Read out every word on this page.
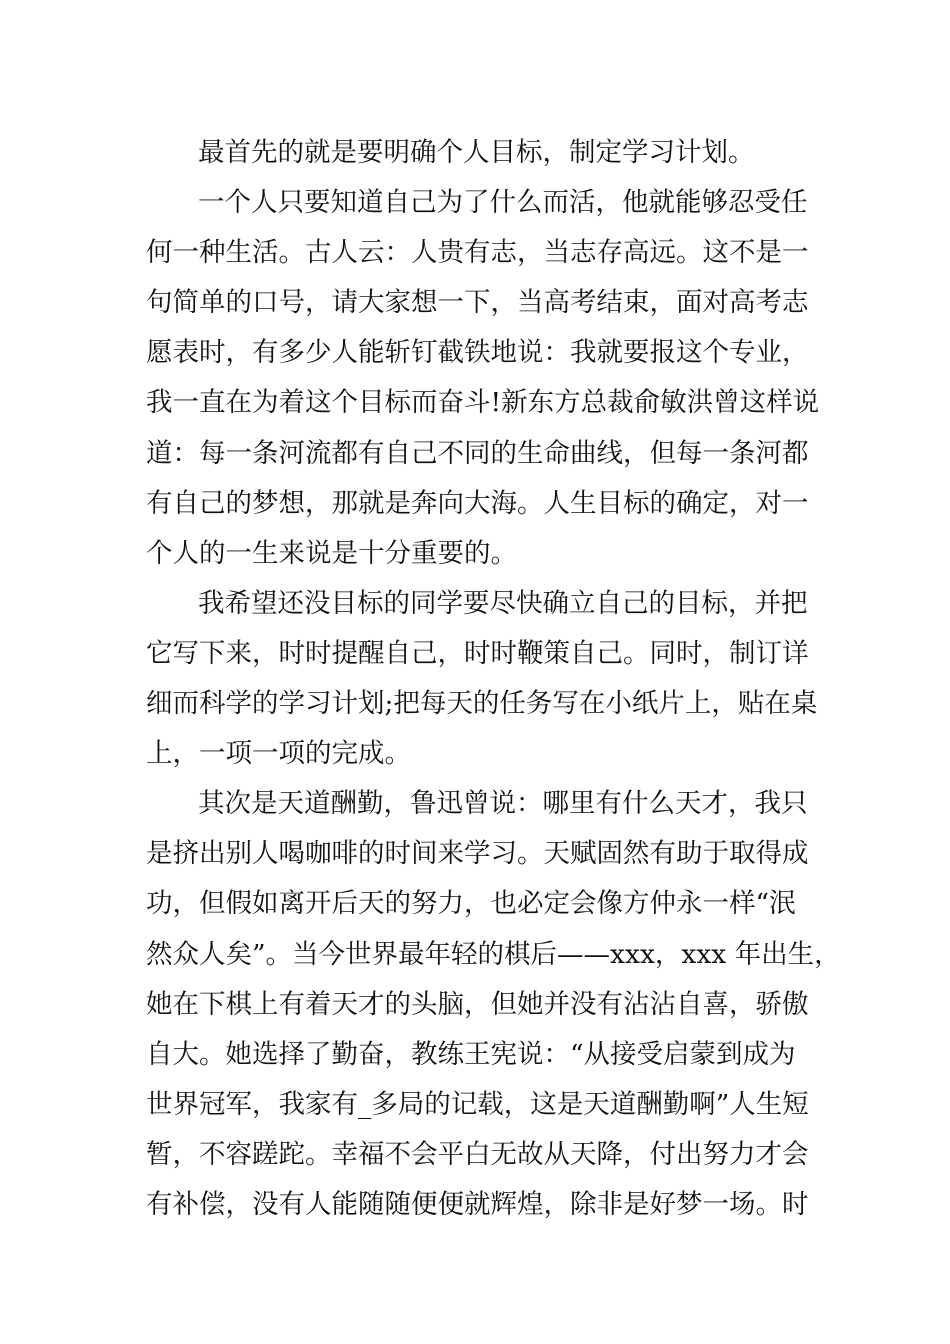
最首先的就是要明确个人目标，制定学习计划。
一个人只要知道自己为了什么而活，他就能够忍受任
何一种生活。古人云：人贵有志，当志存高远。这不是一
句简单的口号，请大家想一下，当高考结束，面对高考志
愿表时，有多少人能斩钉截铁地说：我就要报这个专业，
我一直在为着这个目标而奋斗!新东方总裁俞敏洪曾这样说
道：每一条河流都有自己不同的生命曲线，但每一条河都
有自己的梦想，那就是奔向大海。人生目标的确定，对一
个人的一生来说是十分重要的。
我希望还没目标的同学要尽快确立自己的目标，并把
它写下来，时时提醒自己，时时鞭策自己。同时，制订详
细而科学的学习计划;把每天的任务写在小纸片上，贴在桌
上，一项一项的完成。
其次是天道酬勤，鲁迅曾说：哪里有什么天才，我只
是挤出别人喝咖啡的时间来学习。天赋固然有助于取得成
功，但假如离开后天的努力，也必定会像方仲永一样“泯
然众人矣”。当今世界最年轻的棋后——xxx，xxx 年出生，
她在下棋上有着天才的头脑，但她并没有沾沾自喜，骄傲
自大。她选择了勤奋，教练王宪说：“从接受启蒙到成为
世界冠军，我家有_多局的记载，这是天道酬勤啊”人生短
暂，不容蹉跎。幸福不会平白无故从天降，付出努力才会
有补偿，没有人能随随便便就辉煌，除非是好梦一场。时
